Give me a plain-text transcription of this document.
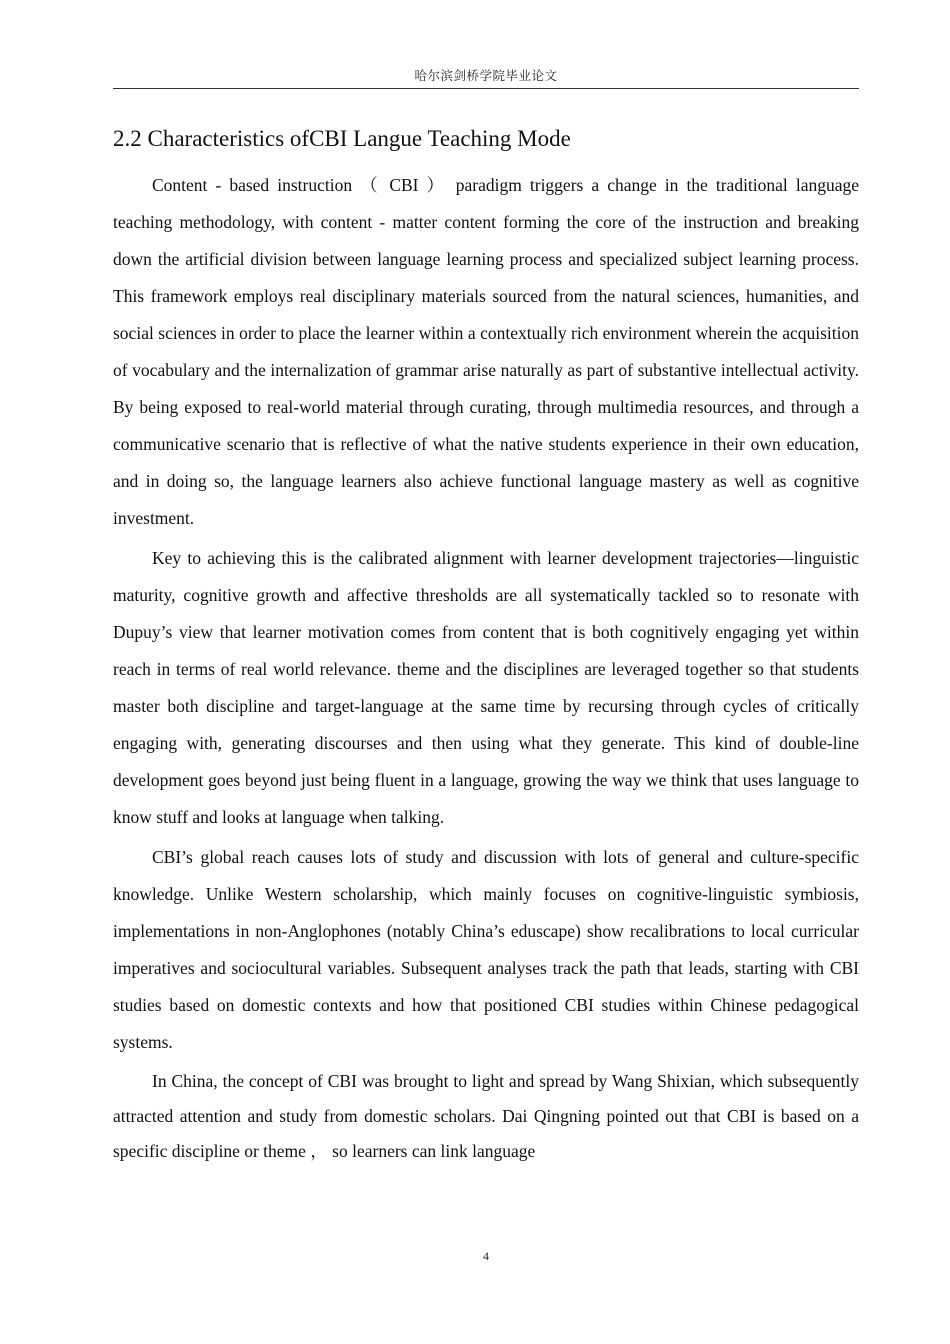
哈尔滨剑桥学院毕业论文
2.2 Characteristics ofCBI Langue Teaching Mode

Content - based instruction （ CBI ） paradigm triggers a change in the traditional language teaching methodology, with content - matter content forming the core of the instruction and breaking down the artificial division between language learning process and specialized subject learning process. This framework employs real disciplinary materials sourced from the natural sciences, humanities, and social sciences in order to place the learner within a contextually rich environment wherein the acquisition of vocabulary and the internalization of grammar arise naturally as part of substantive intellectual activity. By being exposed to real-world material through curating, through multimedia resources, and through a communicative scenario that is reflective of what the native students experience in their own education, and in doing so, the language learners also achieve functional language mastery as well as cognitive investment.

Key to achieving this is the calibrated alignment with learner development trajectories—linguistic maturity, cognitive growth and affective thresholds are all systematically tackled so to resonate with Dupuy’s view that learner motivation comes from content that is both cognitively engaging yet within reach in terms of real world relevance. theme and the disciplines are leveraged together so that students master both discipline and target-language at the same time by recursing through cycles of critically engaging with, generating discourses and then using what they generate. This kind of double-line development goes beyond just being fluent in a language, growing the way we think that uses language to know stuff and looks at language when talking.

CBI’s global reach causes lots of study and discussion with lots of general and culture-specific knowledge. Unlike Western scholarship, which mainly focuses on cognitive-linguistic symbiosis, implementations in non-Anglophones (notably China’s eduscape) show recalibrations to local curricular imperatives and sociocultural variables. Subsequent analyses track the path that leads, starting with CBI studies based on domestic contexts and how that positioned CBI studies within Chinese pedagogical systems.

In China, the concept of CBI was brought to light and spread by Wang Shixian, which subsequently attracted attention and study from domestic scholars. Dai Qingning pointed out that CBI is based on a specific discipline or theme ， so learners can link language

4
